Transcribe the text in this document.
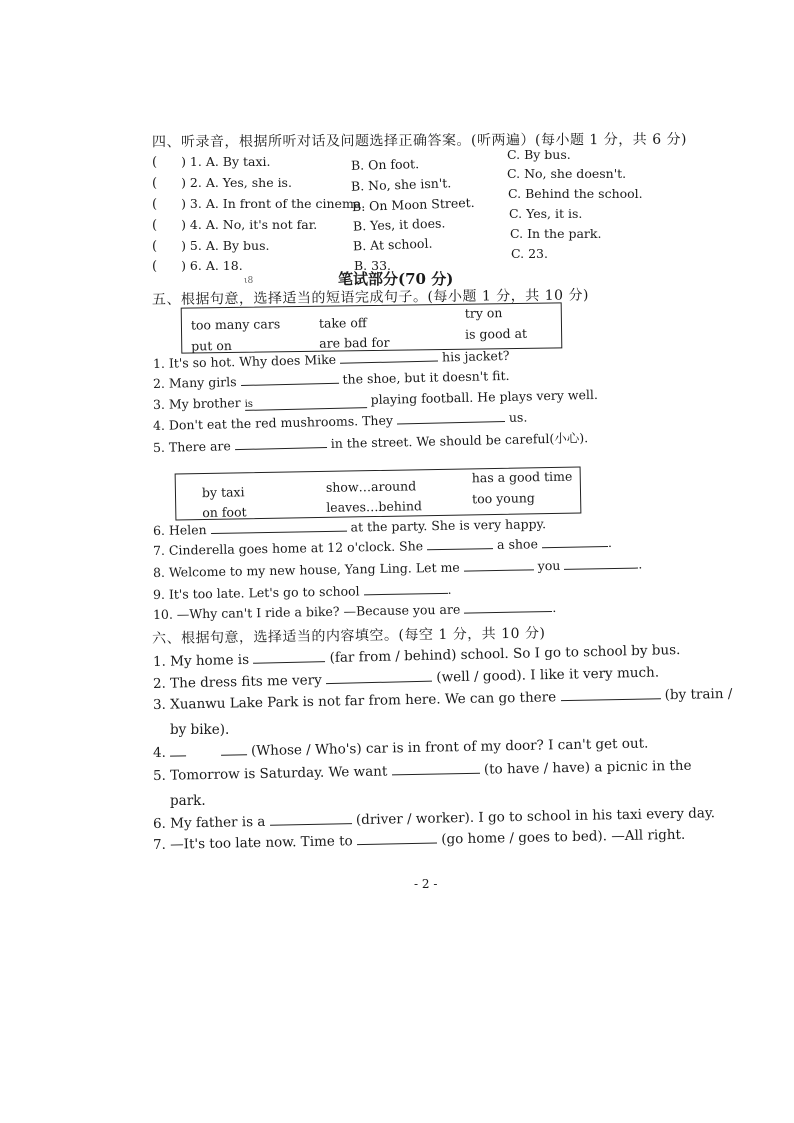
四、听录音，根据所听对话及问题选择正确答案。(听两遍）(每小题 1 分，共 6 分)
( ) 1. A. By taxi.	B. On foot.
C. By bus.
( ) 2. A. Yes, she is.	B. No, she isn't.
C. No, she doesn't.
( ) 3. A. In front of the cinema.
B. On Moon Street.
C. Behind the school.
( ) 4. A. No, it's not far.	B. Yes, it does.
C. Yes, it is.
( ) 5. A. By bus.	B. At school.
C. In the park.
( ) 6. A. 18.	B. 33.
C. 23.
ι8	笔试部分(70 分)
五、根据句意，选择适当的短语完成句子。(每小题 1 分，共 10 分)
too many cars	take off
try on
put on	are bad for
is good at
1. It's so hot. Why does Mike	his jacket?
2. Many girls	the shoe, but it doesn't fit.
3. My brother is	playing football. He plays very well.
4. Don't eat the red mushrooms. They	us.
5. There are	in the street. We should be careful(小心).
by taxi	show…around
has a good time
on foot	leaves…behind	too young
6. Helen	at the party. She is very happy.
7. Cinderella goes home at 12 o'clock. She	a shoe	.
8. Welcome to my new house, Yang Ling. Let me	you	.
9. It's too late. Let's go to school	.
10. —Why can't I ride a bike? —Because you are	.
六、根据句意，选择适当的内容填空。(每空 1 分，共 10 分)
1. My home is	(far from / behind) school. So I go to school by bus.
2. The dress fits me very	(well / good). I like it very much.
3. Xuanwu Lake Park is not far from here. We can go there	(by train /
by bike).
4.	(Whose / Who's) car is in front of my door? I can't get out.
5. Tomorrow is Saturday. We want	(to have / have) a picnic in the
park.
6. My father is a	(driver / worker). I go to school in his taxi every day.
7. —It's too late now. Time to	(go home / goes to bed). —All right.
- 2 -
